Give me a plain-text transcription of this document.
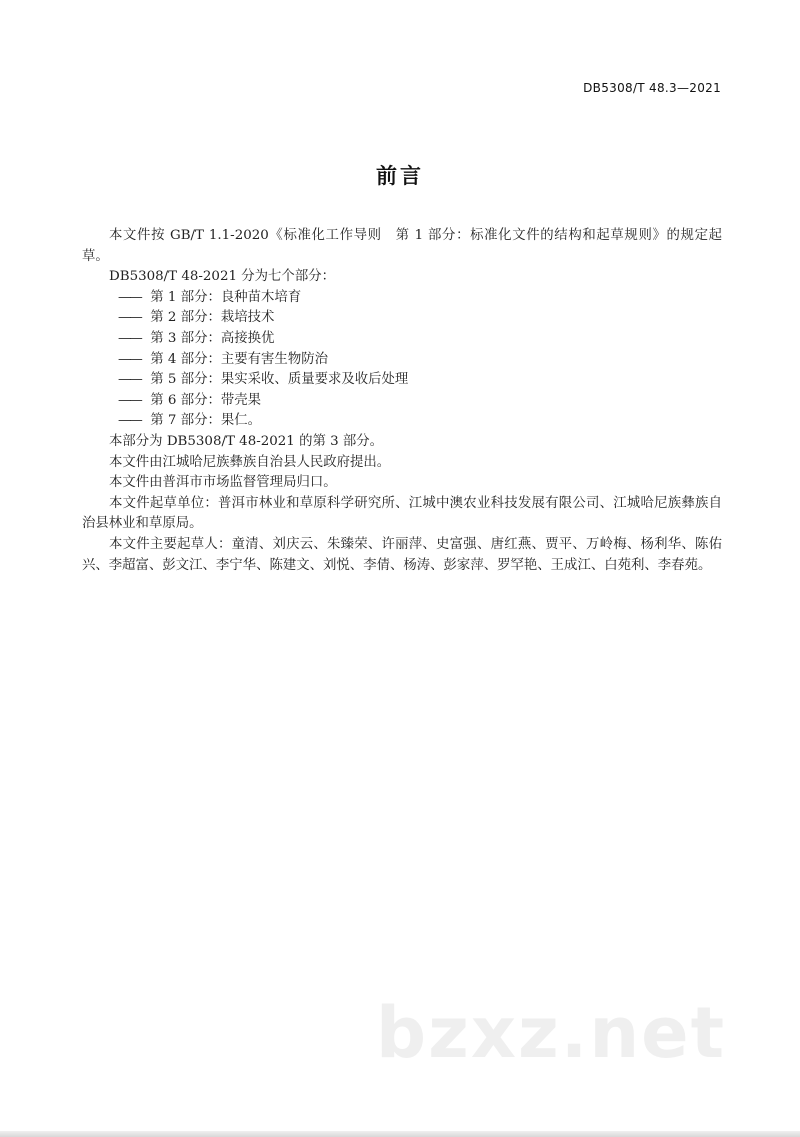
DB5308/T 48.3—2021
前言

本文件按 GB/T 1.1-2020《标准化工作导则　第 1 部分：标准化文件的结构和起草规则》的规定起草。

DB5308/T 48-2021 分为七个部分：

—— 第 1 部分：良种苗木培育

—— 第 2 部分：栽培技术

—— 第 3 部分：高接换优

—— 第 4 部分：主要有害生物防治

—— 第 5 部分：果实采收、质量要求及收后处理

—— 第 6 部分：带壳果

—— 第 7 部分：果仁。

本部分为 DB5308/T 48-2021 的第 3 部分。

本文件由江城哈尼族彝族自治县人民政府提出。

本文件由普洱市市场监督管理局归口。

本文件起草单位：普洱市林业和草原科学研究所、江城中澳农业科技发展有限公司、江城哈尼族彝族自治县林业和草原局。

本文件主要起草人：童清、刘庆云、朱臻荣、许丽萍、史富强、唐红燕、贾平、万岭梅、杨利华、陈佑兴、李超富、彭文江、李宁华、陈建文、刘悦、李倩、杨涛、彭家萍、罗罕艳、王成江、白苑利、李春苑。

bzxz.net
